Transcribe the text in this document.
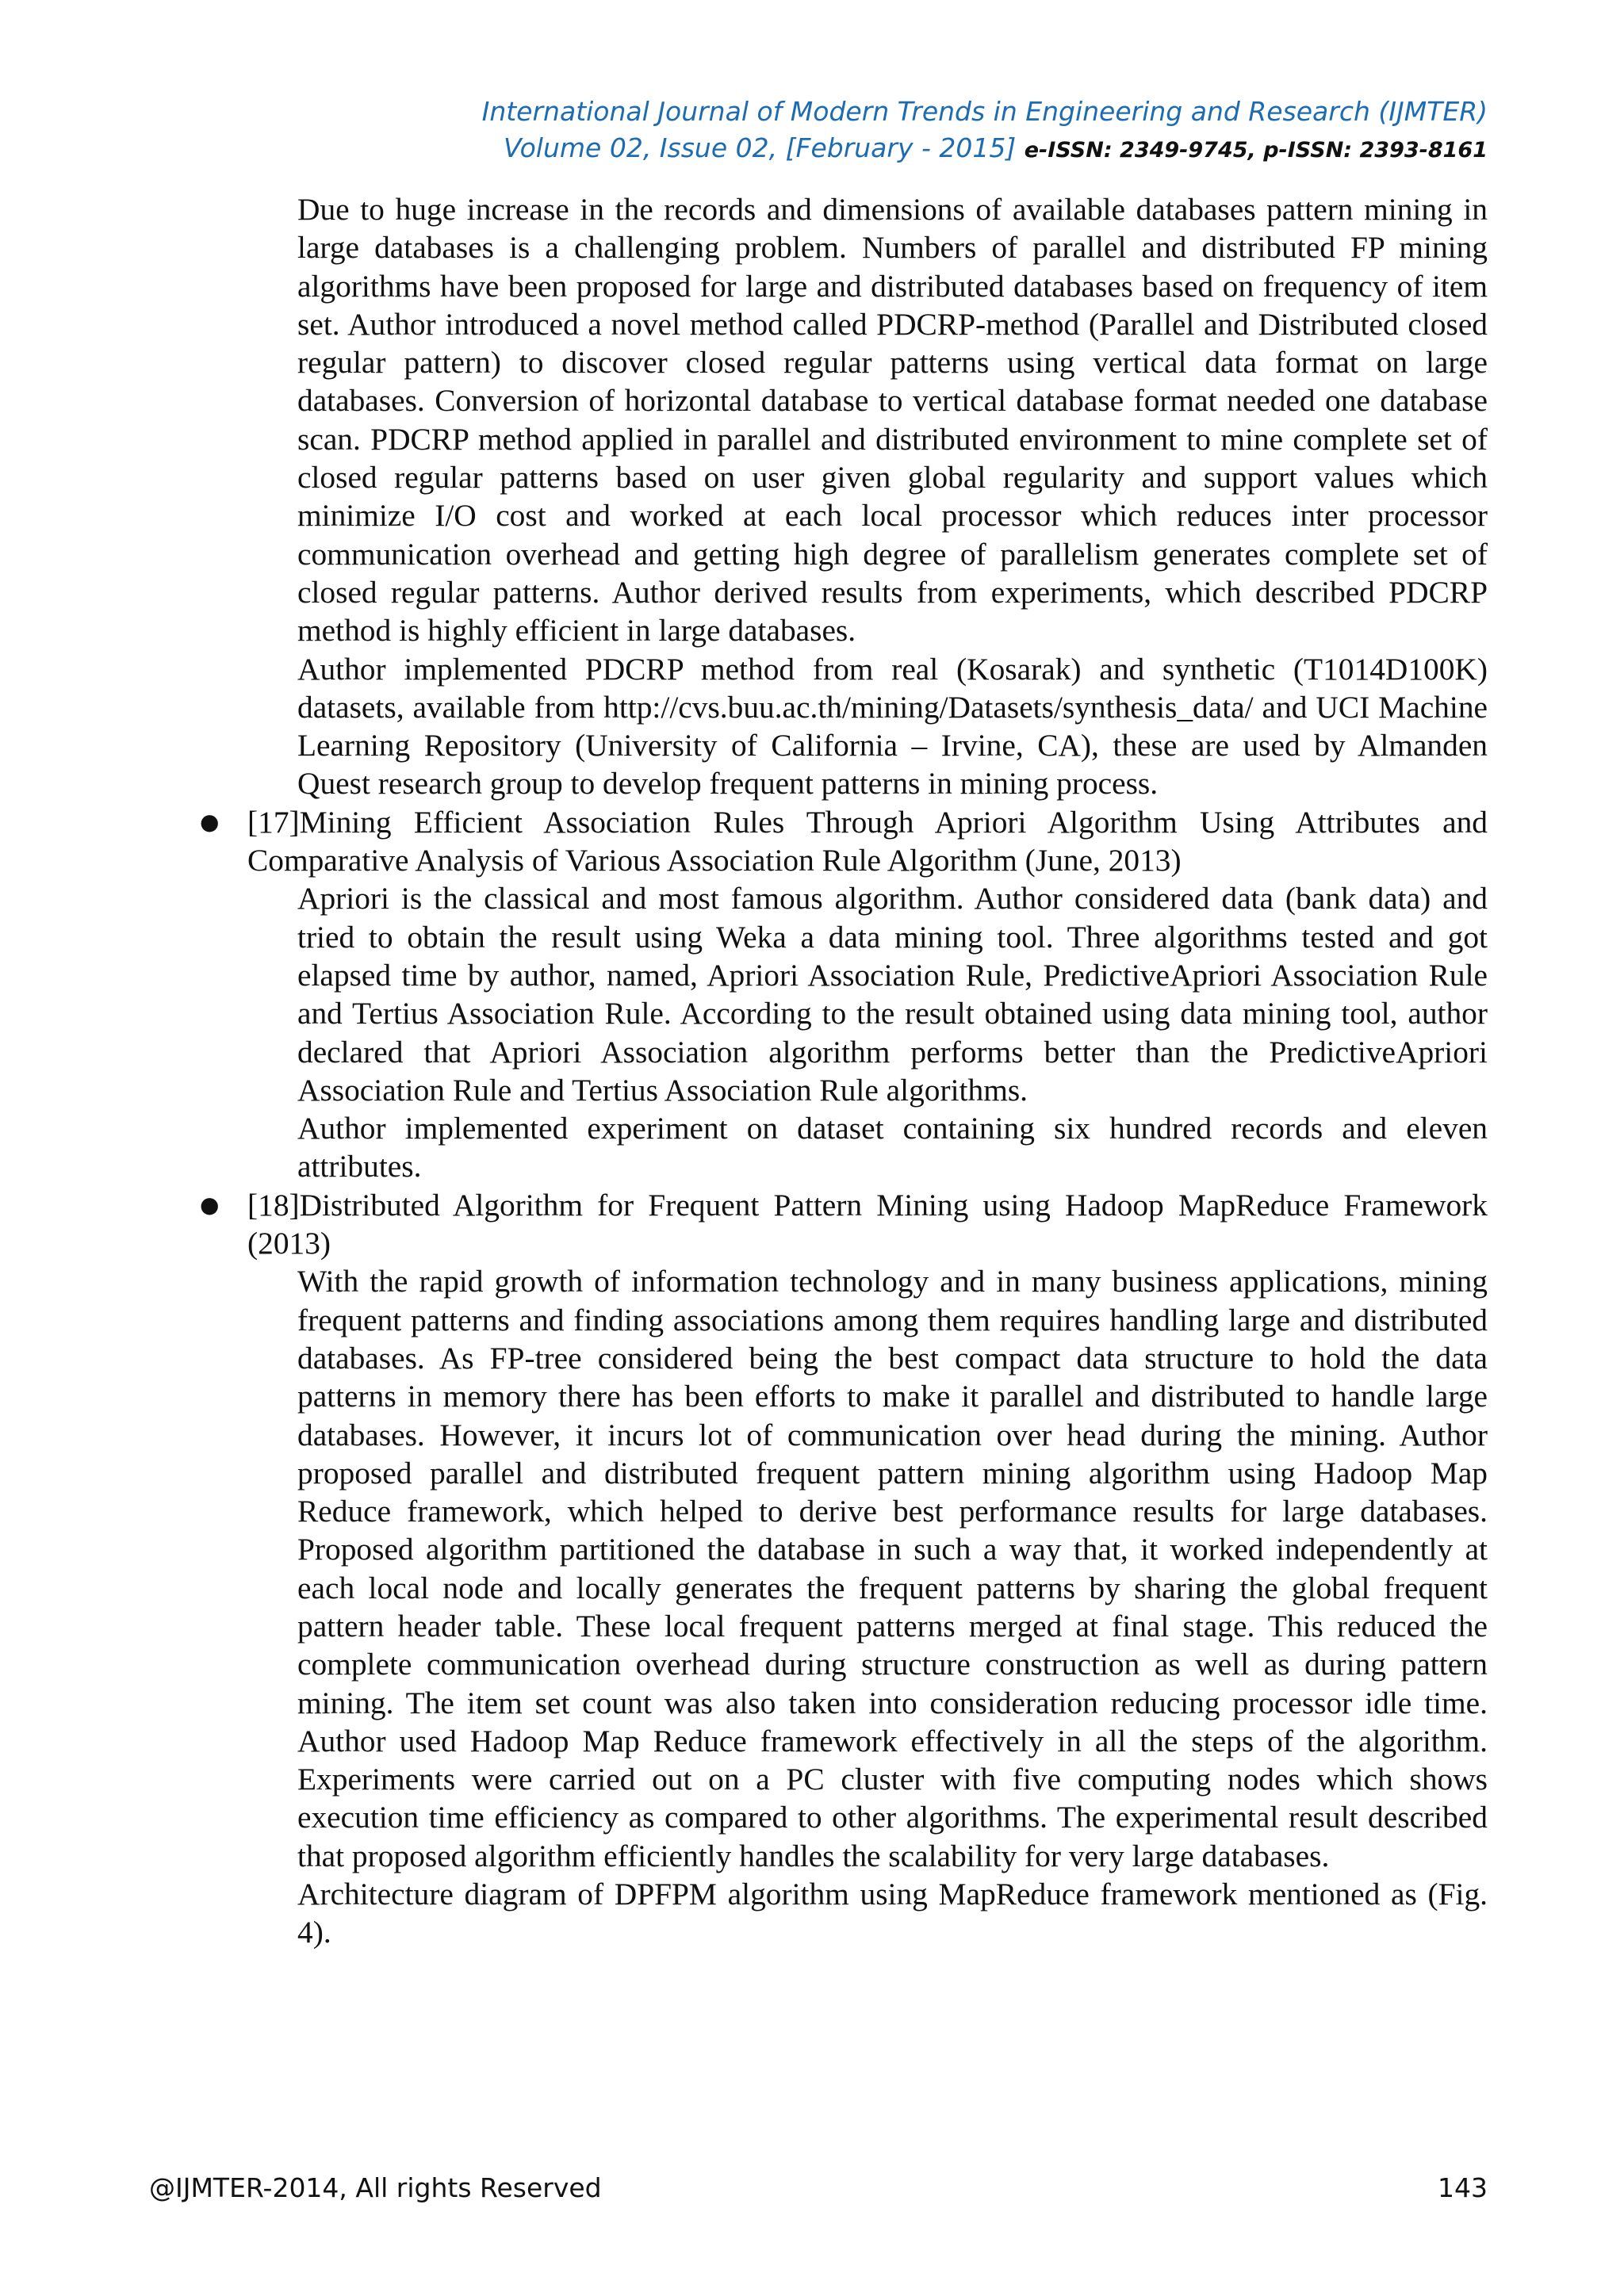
International Journal of Modern Trends in Engineering and Research (IJMTER)
Volume 02, Issue 02, [February - 2015] e-ISSN: 2349-9745, p-ISSN: 2393-8161

Due to huge increase in the records and dimensions of available databases pattern mining in large databases is a challenging problem. Numbers of parallel and distributed FP mining algorithms have been proposed for large and distributed databases based on frequency of item set. Author introduced a novel method called PDCRP-method (Parallel and Distributed closed regular pattern) to discover closed regular patterns using vertical data format on large databases. Conversion of horizontal database to vertical database format needed one database scan. PDCRP method applied in parallel and distributed environment to mine complete set of closed regular patterns based on user given global regularity and support values which minimize I/O cost and worked at each local processor which reduces inter processor communication overhead and getting high degree of parallelism generates complete set of closed regular patterns. Author derived results from experiments, which described PDCRP method is highly efficient in large databases.

Author implemented PDCRP method from real (Kosarak) and synthetic (T1014D100K) datasets, available from http://cvs.buu.ac.th/mining/Datasets/synthesis_data/ and UCI Machine Learning Repository (University of California – Irvine, CA), these are used by Almanden Quest research group to develop frequent patterns in mining process.

● [17]Mining Efficient Association Rules Through Apriori Algorithm Using Attributes and Comparative Analysis of Various Association Rule Algorithm (June, 2013)

Apriori is the classical and most famous algorithm. Author considered data (bank data) and tried to obtain the result using Weka a data mining tool. Three algorithms tested and got elapsed time by author, named, Apriori Association Rule, PredictiveApriori Association Rule and Tertius Association Rule. According to the result obtained using data mining tool, author declared that Apriori Association algorithm performs better than the PredictiveApriori Association Rule and Tertius Association Rule algorithms.

Author implemented experiment on dataset containing six hundred records and eleven attributes.

● [18]Distributed Algorithm for Frequent Pattern Mining using Hadoop MapReduce Framework (2013)

With the rapid growth of information technology and in many business applications, mining frequent patterns and finding associations among them requires handling large and distributed databases. As FP-tree considered being the best compact data structure to hold the data patterns in memory there has been efforts to make it parallel and distributed to handle large databases. However, it incurs lot of communication over head during the mining. Author proposed parallel and distributed frequent pattern mining algorithm using Hadoop Map Reduce framework, which helped to derive best performance results for large databases. Proposed algorithm partitioned the database in such a way that, it worked independently at each local node and locally generates the frequent patterns by sharing the global frequent pattern header table. These local frequent patterns merged at final stage. This reduced the complete communication overhead during structure construction as well as during pattern mining. The item set count was also taken into consideration reducing processor idle time. Author used Hadoop Map Reduce framework effectively in all the steps of the algorithm. Experiments were carried out on a PC cluster with five computing nodes which shows execution time efficiency as compared to other algorithms. The experimental result described that proposed algorithm efficiently handles the scalability for very large databases.

Architecture diagram of DPFPM algorithm using MapReduce framework mentioned as (Fig. 4).

@IJMTER-2014, All rights Reserved	143
